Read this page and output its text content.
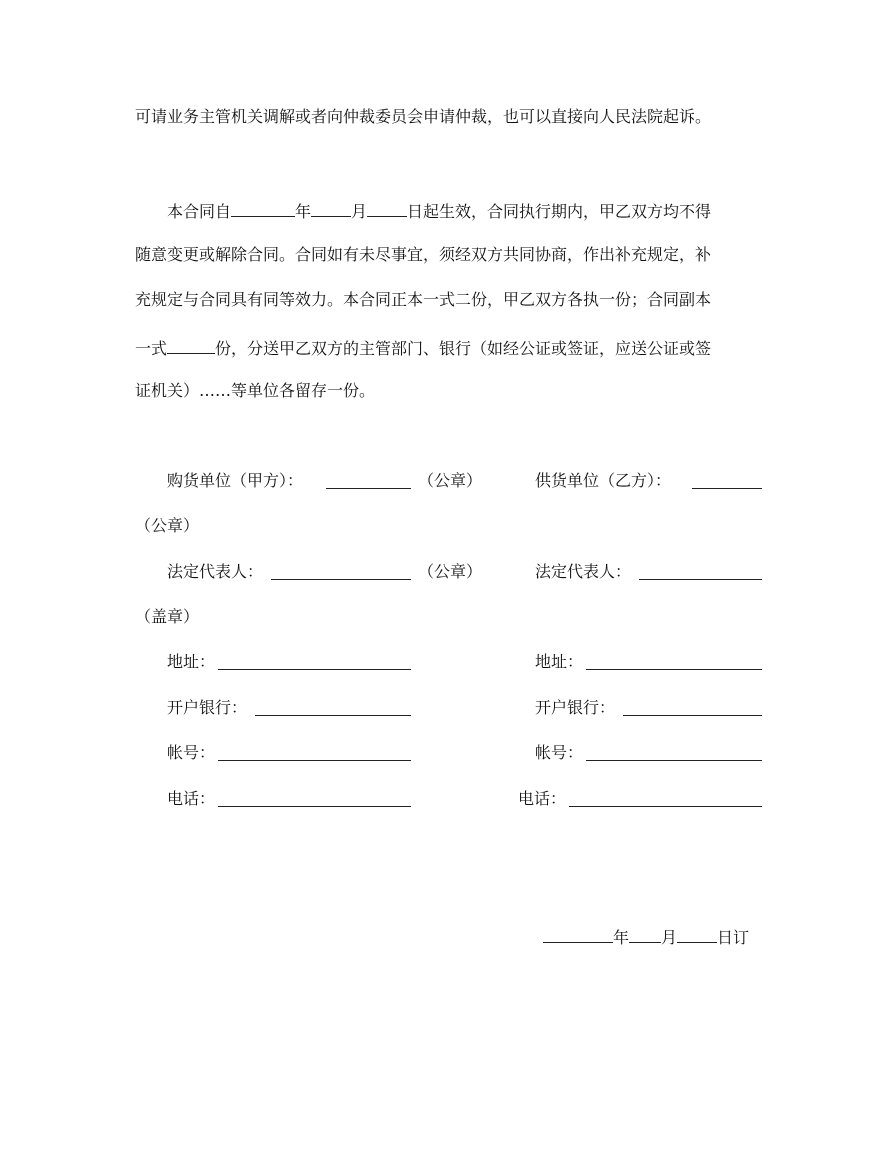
可请业务主管机关调解或者向仲裁委员会申请仲裁，也可以直接向人民法院起诉。
本合同自	年	月	日起生效，合同执行期内，甲乙双方均不得
随意变更或解除合同。合同如有未尽事宜，须经双方共同协商，作出补充规定，补
充规定与合同具有同等效力。本合同正本一式二份，甲乙双方各执一份；合同副本
一式	份，分送甲乙双方的主管部门、银行（如经公证或签证，应送公证或签
证机关）……等单位各留存一份。
购货单位（甲方）：	（公章）	供货单位（乙方）：
（公章）
法定代表人：	（公章）	法定代表人：
（盖章）
地址：	地址：
开户银行：	开户银行：
帐号：	帐号：
电话：	电话：
年 月	日订
